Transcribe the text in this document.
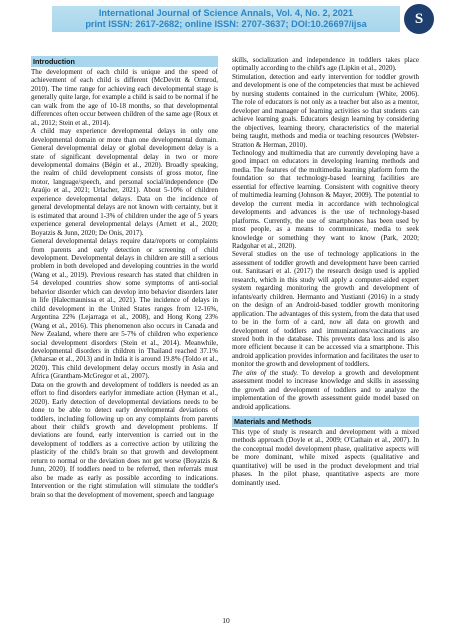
International Journal of Science Annals, Vol. 4, No. 2, 2021
print ISSN: 2617-2682; online ISSN: 2707-3637; DOI:10.26697/ijsa	S
Introduction

The development of each child is unique and the speed of achievement of each child is different (McDevitt & Ormrod, 2010). The time range for achieving each developmental stage is generally quite large, for example a child is said to be normal if he can walk from the age of 10-18 months, so that developmental differences often occur between children of the same age (Roux et al., 2012; Stein et al., 2014).

A child may experience developmental delays in only one developmental domain or more than one developmental domain. General developmental delay or global development delay is a state of significant developmental delay in two or more developmental domains (Bégin et al., 2020). Broadly speaking, the realm of child development consists of gross motor, fine motor, language/speech, and personal social/independence (De Araújo et al., 2021; Urlacher, 2021). About 5-10% of children experience developmental delays. Data on the incidence of general developmental delays are not known with certainty, but it is estimated that around 1-3% of children under the age of 5 years experience general developmental delays (Arnett et al., 2020; Boyatzis & Junn, 2020; De Onis, 2017).

General developmental delays require data/reports or complaints from parents and early detection or screening of child development. Developmental delays in children are still a serious problem in both developed and developing countries in the world (Wang et al., 2019). Previous research has stated that children in 54 developed countries show some symptoms of anti-social behavior disorder which can develop into behavior disorders later in life (Halecmaunissa et al., 2021). The incidence of delays in child development in the United States ranges from 12-16%, Argentina 22% (Lejarraga et al., 2008), and Hong Kong 23% (Wang et al., 2016). This phenomenon also occurs in Canada and New Zealand, where there are 5-7% of children who experience social development disorders (Stein et al., 2014). Meanwhile, developmental disorders in children in Thailand reached 37.1% (Jeharsae et al., 2013) and in India it is around 19.8% (Toldo et al., 2020). This child development delay occurs mostly in Asia and Africa (Grantham-McGregor et al., 2007).

Data on the growth and development of toddlers is needed as an effort to find disorders earlyfor immediate action (Hyman et al., 2020). Early detection of developmental deviations needs to be done to be able to detect early developmental deviations of toddlers, including following up on any complaints from parents about their child's growth and development problems. If deviations are found, early intervention is carried out in the development of toddlers as a corrective action by utilizing the plasticity of the child's brain so that growth and development return to normal or the deviation does not get worse (Boyatzis & Junn, 2020). If toddlers need to be referred, then referrals must also be made as early as possible according to indications. Intervention or the right stimulation will stimulate the toddler's brain so that the development of movement, speech and language

skills, socialization and independence in toddlers takes place optimally according to the child's age (Lipkin et al., 2020).

Stimulation, detection and early intervention for toddler growth and development is one of the competencies that must be achieved by nursing students contained in the curriculum (White, 2006). The role of educators is not only as a teacher but also as a mentor, developer and manager of learning activities so that students can achieve learning goals. Educators design learning by considering the objectives, learning theory, characteristics of the material being taught, methods and media or teaching resources (Webster-Stratton & Herman, 2010).

Technology and multimedia that are currently developing have a good impact on educators in developing learning methods and media. The features of the multimedia learning platform form the foundation so that technology-based learning facilities are essential for effective learning. Consistent with cognitive theory of multimedia learning (Johnson & Mayer, 2009). The potential to develop the current media in accordance with technological developments and advances is the use of technology-based platforms. Currently, the use of smartphones has been used by most people, as a means to communicate, media to seek knowledge or something they want to know (Park, 2020; Radgohar et al., 2020).

Several studies on the use of technology applications in the assessment of toddler growth and development have been carried out. Sanitasari et al. (2017) the research design used is applied research, which in this study will apply a computer-aided expert system regarding monitoring the growth and development of infants/early children. Hermanto and Yustianti (2016) in a study on the design of an Android-based toddler growth monitoring application. The advantages of this system, from the data that used to be in the form of a card, now all data on growth and development of toddlers and immunizations/vaccinations are stored both in the database. This prevents data loss and is also more efficient because it can be accessed via a smartphone. This android application provides information and facilitates the user to monitor the growth and development of toddlers.

The aim of the study. To develop a growth and development assessment model to increase knowledge and skills in assessing the growth and development of toddlers and to analyze the implementation of the growth assessment guide model based on android applications.

Materials and Methods

This type of study is research and development with a mixed methods approach (Doyle et al., 2009; O'Cathain et al., 2007). In the conceptual model development phase, qualitative aspects will be more dominant, while mixed aspects (qualitative and quantitative) will be used in the product development and trial phases. In the pilot phase, quantitative aspects are more dominantly used.

10
